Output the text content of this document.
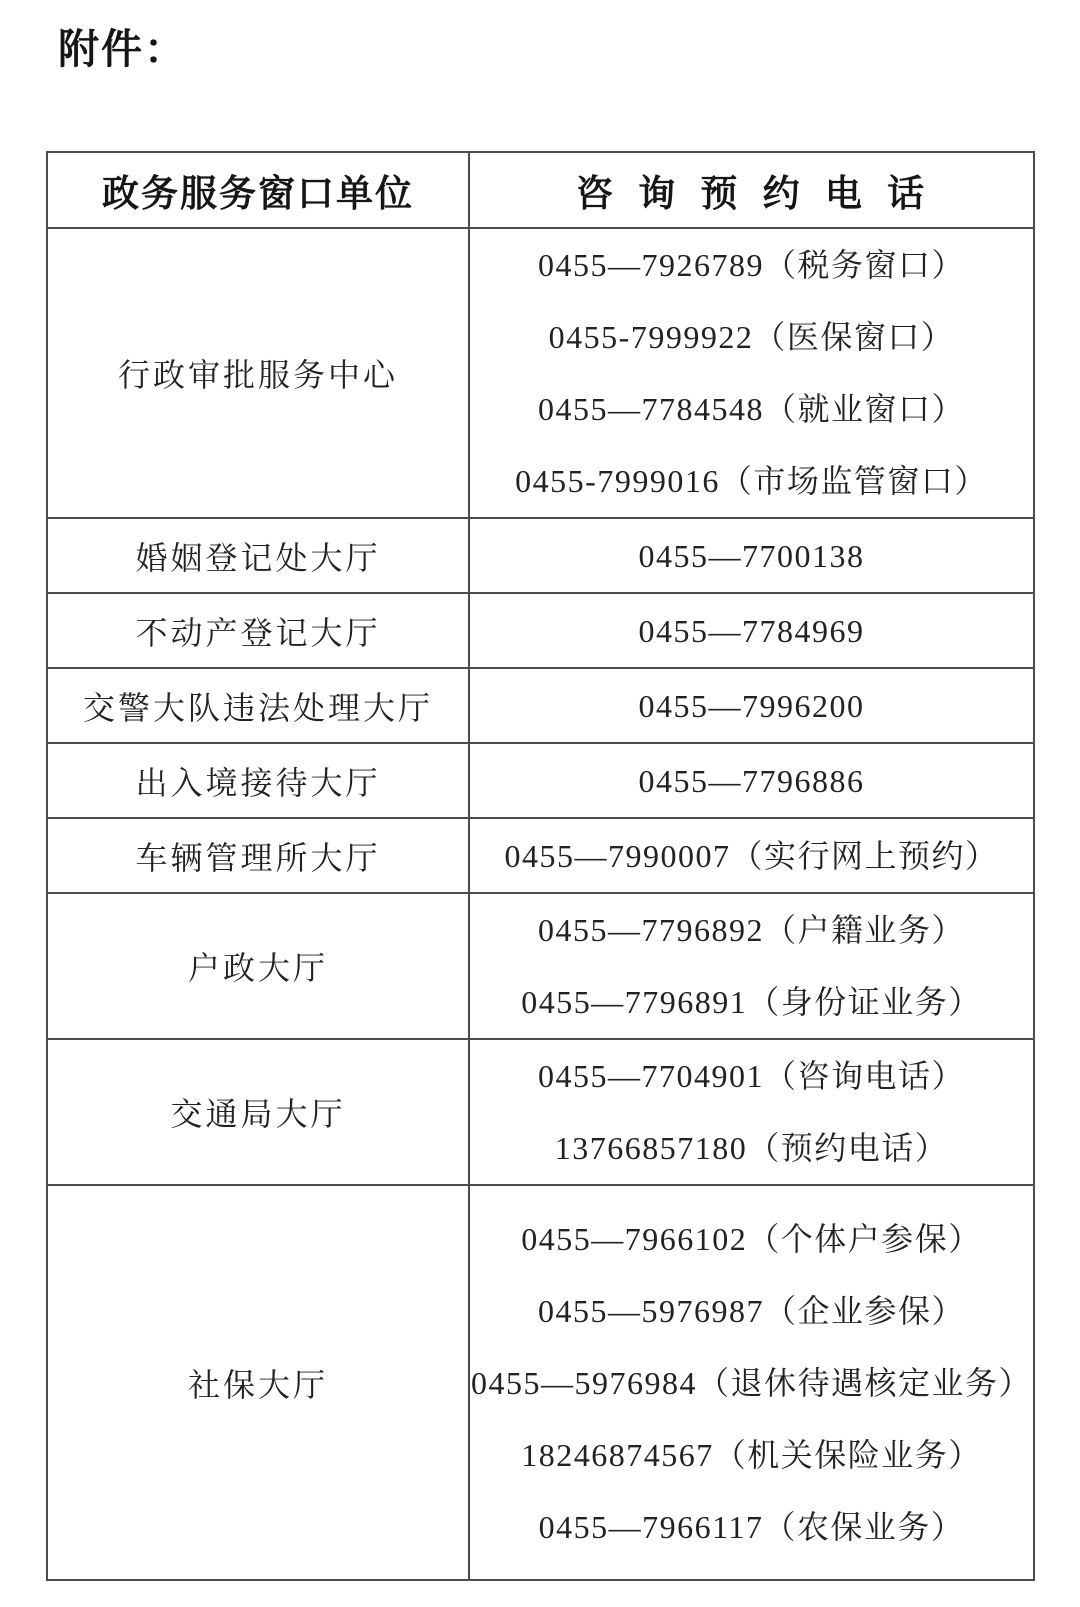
附件：
政务服务窗口单位	咨 询 预 约 电 话
行政审批服务中心	0455—7926789（税务窗口）
0455-7999922（医保窗口）
0455—7784548（就业窗口）
0455-7999016（市场监管窗口）

婚姻登记处大厅	0455—7700138

不动产登记大厅	0455—7784969

交警大队违法处理大厅	0455—7996200

出入境接待大厅	0455—7796886

车辆管理所大厅	0455—7990007（实行网上预约）

户政大厅	0455—7796892（户籍业务）
0455—7796891（身份证业务）

交通局大厅	0455—7704901（咨询电话）
13766857180（预约电话）

社保大厅	0455—7966102（个体户参保）
0455—5976987（企业参保）
0455—5976984（退休待遇核定业务）
18246874567（机关保险业务）
0455—7966117（农保业务）
